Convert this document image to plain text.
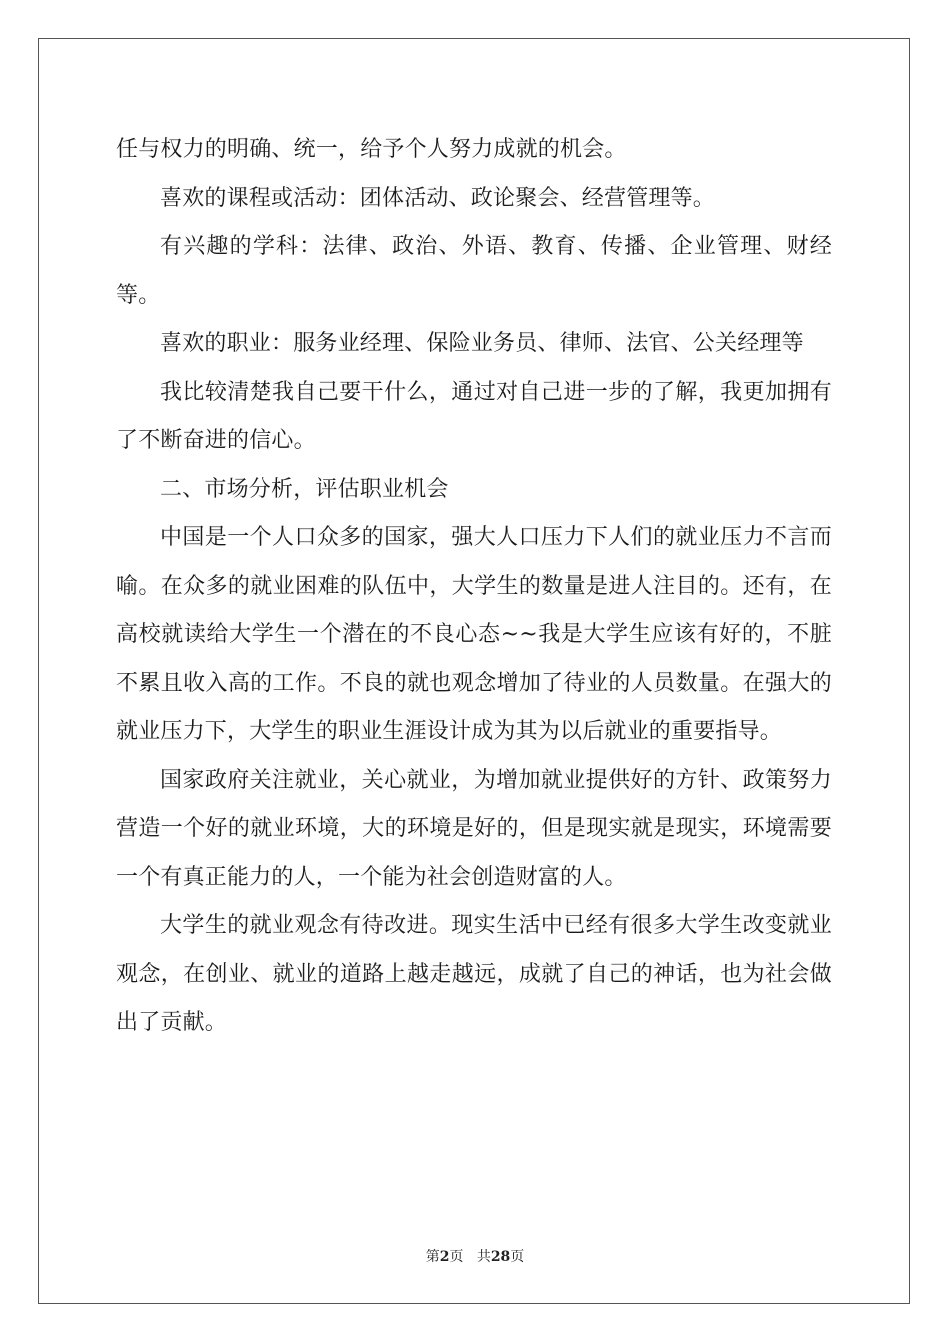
任与权力的明确、统一，给予个人努力成就的机会。

喜欢的课程或活动：团体活动、政论聚会、经营管理等。

有兴趣的学科：法律、政治、外语、教育、传播、企业管理、财经等。

喜欢的职业：服务业经理、保险业务员、律师、法官、公关经理等

我比较清楚我自己要干什么，通过对自己进一步的了解，我更加拥有了不断奋进的信心。

二、市场分析，评估职业机会

中国是一个人口众多的国家，强大人口压力下人们的就业压力不言而喻。在众多的就业困难的队伍中，大学生的数量是进人注目的。还有，在高校就读给大学生一个潜在的不良心态~~我是大学生应该有好的，不脏不累且收入高的工作。不良的就也观念增加了待业的人员数量。在强大的就业压力下，大学生的职业生涯设计成为其为以后就业的重要指导。

国家政府关注就业，关心就业，为增加就业提供好的方针、政策努力营造一个好的就业环境，大的环境是好的，但是现实就是现实，环境需要一个有真正能力的人，一个能为社会创造财富的人。

大学生的就业观念有待改进。现实生活中已经有很多大学生改变就业观念，在创业、就业的道路上越走越远，成就了自己的神话，也为社会做出了贡献。

第2页 共28页
